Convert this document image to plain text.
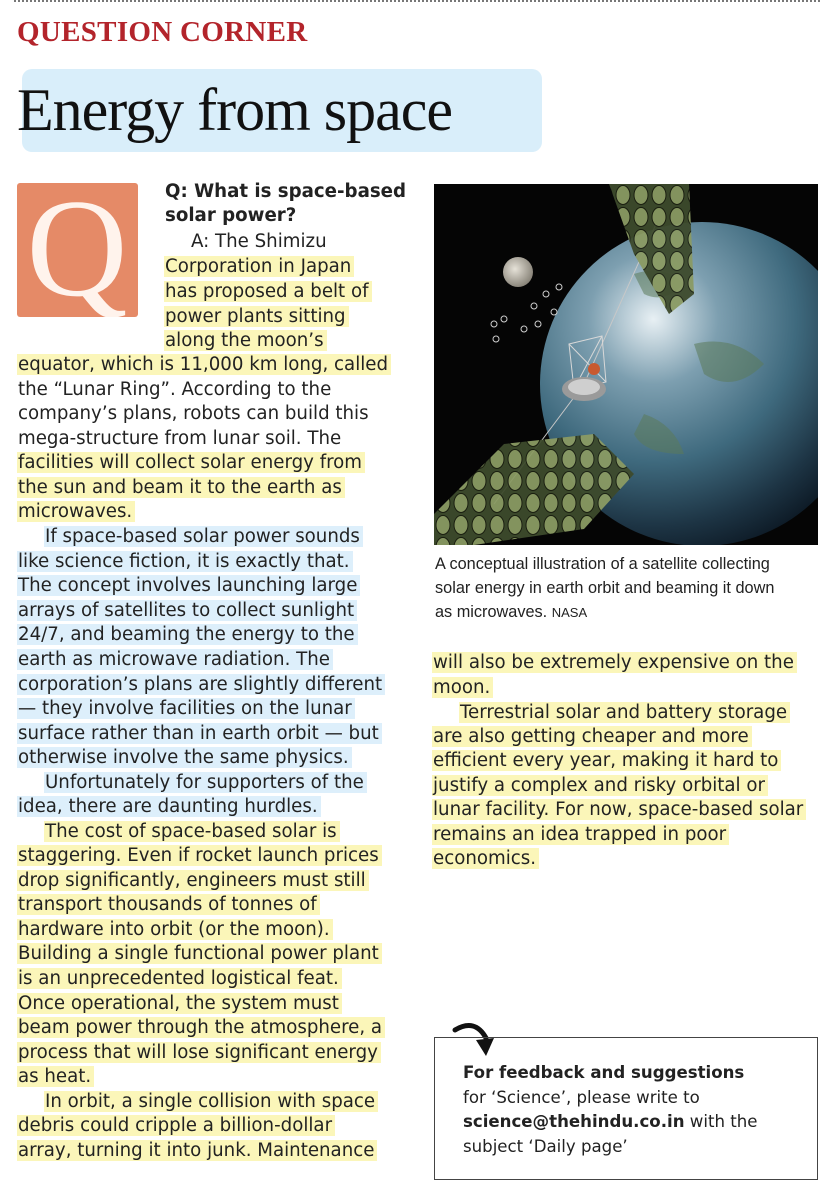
QUESTION CORNER
Energy from space
Q Q: What is space-based
solar power?
A: The Shimizu
Corporation in Japan
has proposed a belt of
power plants sitting
along the moon’s
equator, which is 11,000 km long, called
the “Lunar Ring”. According to the
company’s plans, robots can build this
mega-structure from lunar soil. The
facilities will collect solar energy from
the sun and beam it to the earth as
microwaves.
If space-based solar power sounds
like science fiction, it is exactly that.
The concept involves launching large
arrays of satellites to collect sunlight
24/7, and beaming the energy to the
earth as microwave radiation. The
corporation’s plans are slightly different
— they involve facilities on the lunar
surface rather than in earth orbit — but
otherwise involve the same physics.
Unfortunately for supporters of the
idea, there are daunting hurdles.
The cost of space-based solar is
staggering. Even if rocket launch prices
drop significantly, engineers must still
transport thousands of tonnes of
hardware into orbit (or the moon).
Building a single functional power plant
is an unprecedented logistical feat.
Once operational, the system must
beam power through the atmosphere, a
process that will lose significant energy
as heat.
In orbit, a single collision with space
debris could cripple a billion-dollar
array, turning it into junk. Maintenance
A conceptual illustration of a satellite collecting
solar energy in earth orbit and beaming it down
as microwaves. NASA
will also be extremely expensive on the
moon.
Terrestrial solar and battery storage
are also getting cheaper and more
efficient every year, making it hard to
justify a complex and risky orbital or
lunar facility. For now, space-based solar
remains an idea trapped in poor
economics.
For feedback and suggestions
for ‘Science’, please write to
science@thehindu.co.in with the
subject ‘Daily page’
